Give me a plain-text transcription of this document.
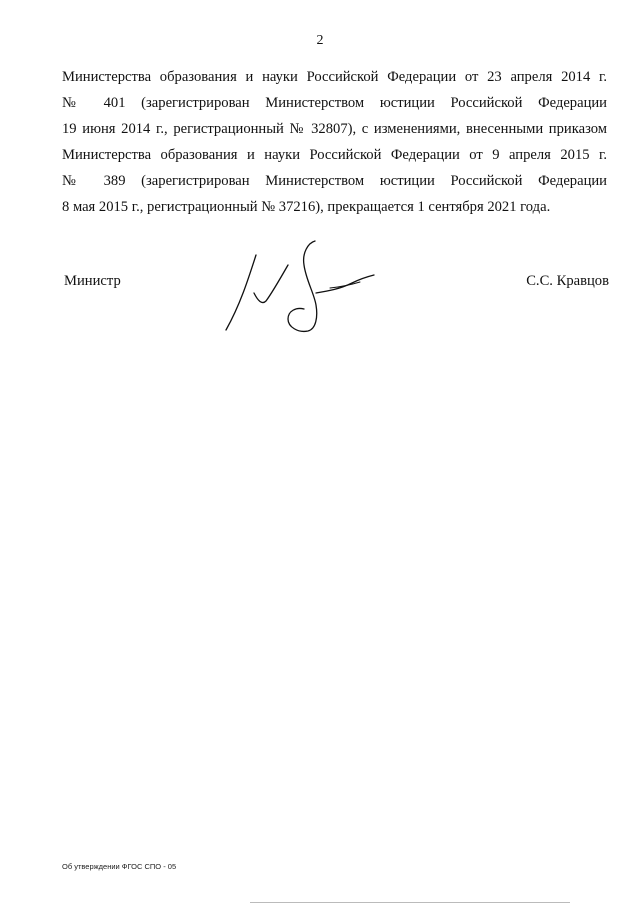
2
Министерства образования и науки Российской Федерации от 23 апреля 2014 г.
№ 401 (зарегистрирован Министерством юстиции Российской Федерации
19 июня 2014 г., регистрационный № 32807), с изменениями, внесенными приказом
Министерства образования и науки Российской Федерации от 9 апреля 2015 г.
№ 389 (зарегистрирован Министерством юстиции Российской Федерации
8 мая 2015 г., регистрационный № 37216), прекращается 1 сентября 2021 года.
Министр	С.С. Кравцов
Об утверждении ФГОС СПО - 05
